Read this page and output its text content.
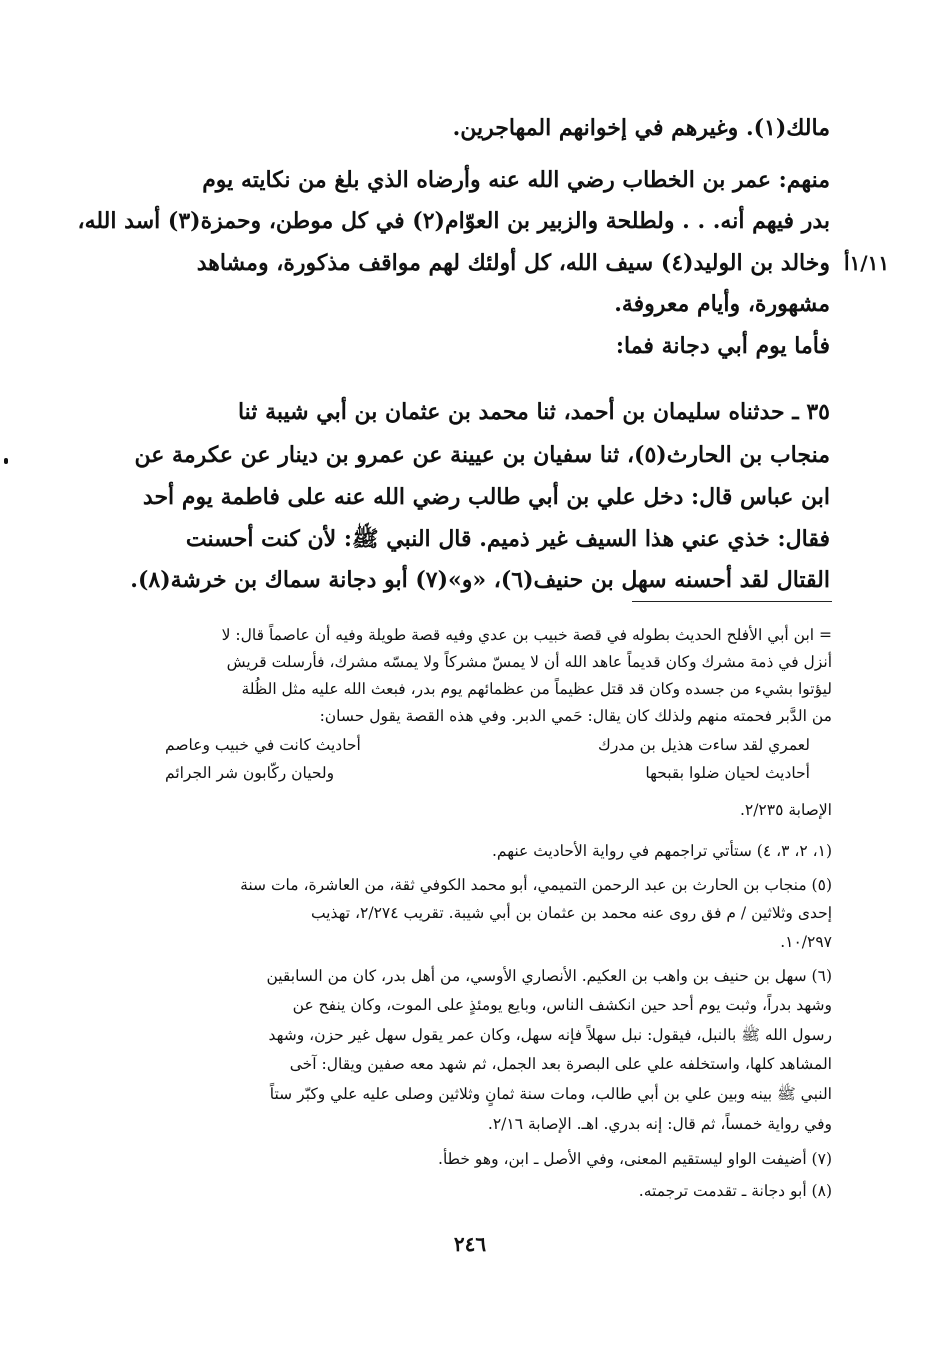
مالك(١). وغيرهم في إخوانهم المهاجرين.
منهم: عمر بن الخطاب رضي الله عنه وأرضاه الذي بلغ من نكايته يوم
بدر فيهم أنه. . . ولطلحة والزبير بن العوّام(٢) في كل موطن، وحمزة(٣) أسد الله،
وخالد بن الوليد(٤) سيف الله، كل أولئك لهم مواقف مذكورة، ومشاهد
مشهورة، وأيام معروفة.
فأما يوم أبي دجانة فما:
٣٥ ـ حدثناه سليمان بن أحمد، ثنا محمد بن عثمان بن أبي شيبة ثنا
منجاب بن الحارث(٥)، ثنا سفيان بن عيينة عن عمرو بن دينار عن عكرمة عن
ابن عباس قال: دخل علي بن أبي طالب رضي الله عنه على فاطمة يوم أحد
فقال: خذي عني هذا السيف غير ذميم. قال النبي ﷺ: لأن كنت أحسنت
القتال لقد أحسنه سهل بن حنيف(٦)، «و»(٧) أبو دجانة سماك بن خرشة(٨).
١/١١أ
= ابن أبي الأفلح الحديث بطوله في قصة خبيب بن عدي وفيه قصة طويلة وفيه أن عاصماً قال: لا
أنزل في ذمة مشرك وكان قديماً عاهد الله أن لا يمسّ مشركاً ولا يمسّه مشرك، فأرسلت قريش
ليؤتوا بشيء من جسده وكان قد قتل عظيماً من عظمائهم يوم بدر، فبعث الله عليه مثل الظُلة
من الدَّبر فحمته منهم ولذلك كان يقال: حَمي الدبر. وفي هذه القصة يقول حسان:
لعمري لقد ساءت هذيل بن مدرك
أحاديث كانت في خبيب وعاصم
أحاديث لحيان ضلوا بقبحها
ولحيان ركّابون شر الجرائم
الإصابة ٢/٢٣٥.
(١، ٢، ٣، ٤) ستأتي تراجمهم في رواية الأحاديث عنهم.
(٥) منجاب بن الحارث بن عبد الرحمن التميمي، أبو محمد الكوفي ثقة، من العاشرة، مات سنة
إحدى وثلاثين / م فق روى عنه محمد بن عثمان بن أبي شيبة. تقريب ٢/٢٧٤، تهذيب
١٠/٢٩٧.
(٦) سهل بن حنيف بن واهب بن العكيم. الأنصاري الأوسي، من أهل بدر، كان من السابقين
وشهد بدراً، وثبت يوم أحد حين انكشف الناس، وبايع يومئذٍ على الموت، وكان ينفح عن
رسول الله ﷺ بالنبل، فيقول: نبل سهلاً فإنه سهل، وكان عمر يقول سهل غير حزن، وشهد
المشاهد كلها، واستخلفه علي على البصرة بعد الجمل، ثم شهد معه صفين ويقال: آخى
النبي ﷺ بينه وبين علي بن أبي طالب، ومات سنة ثمانٍ وثلاثين وصلى عليه علي وكبّر ستاً
وفي رواية خمساً، ثم قال: إنه بدري. اهـ. الإصابة ٢/١٦.
(٧) أضيفت الواو ليستقيم المعنى، وفي الأصل ـ ابن، وهو خطأ.
(٨) أبو دجانة ـ تقدمت ترجمته.
٢٤٦
